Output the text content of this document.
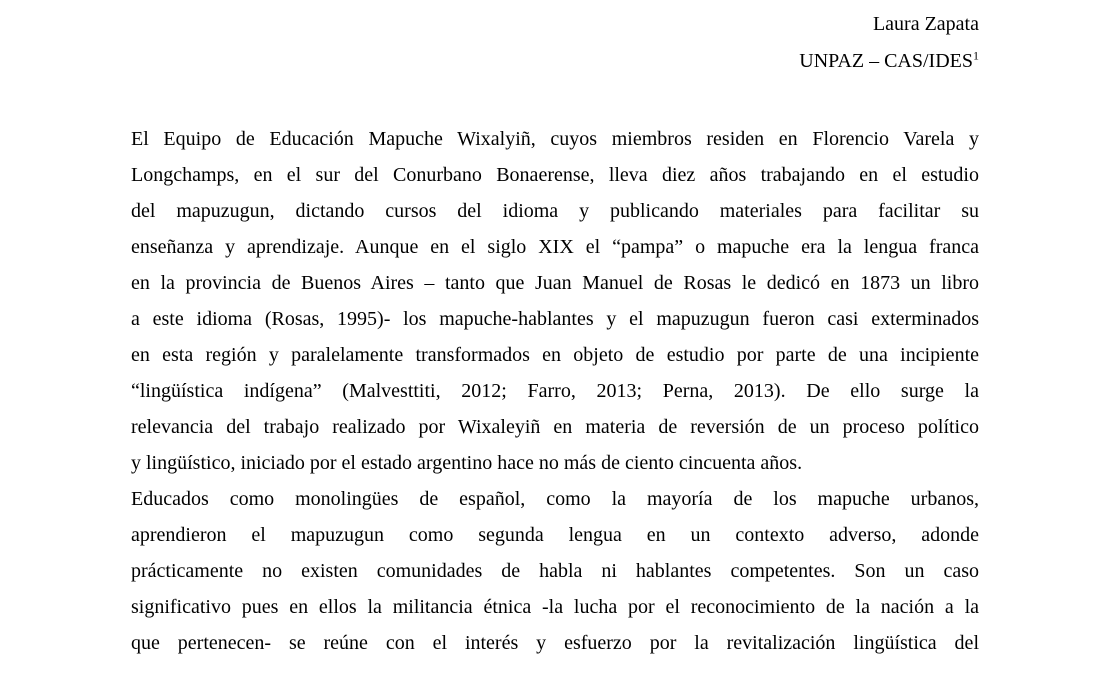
Laura Zapata
UNPAZ – CAS/IDES$^1$
El Equipo de Educación Mapuche Wixalyiñ, cuyos miembros residen en Florencio Varela y
Longchamps, en el sur del Conurbano Bonaerense, lleva diez años trabajando en el estudio
del mapuzugun, dictando cursos del idioma y publicando materiales para facilitar su
enseñanza y aprendizaje. Aunque en el siglo XIX el “pampa” o mapuche era la lengua franca
en la provincia de Buenos Aires – tanto que Juan Manuel de Rosas le dedicó en 1873 un libro
a este idioma (Rosas, 1995)- los mapuche-hablantes y el mapuzugun fueron casi exterminados
en esta región y paralelamente transformados en objeto de estudio por parte de una incipiente
“lingüística indígena” (Malvesttiti, 2012; Farro, 2013; Perna, 2013). De ello surge la
relevancia del trabajo realizado por Wixaleyiñ en materia de reversión de un proceso político
y lingüístico, iniciado por el estado argentino hace no más de ciento cincuenta años.
Educados como monolingües de español, como la mayoría de los mapuche urbanos,
aprendieron el mapuzugun como segunda lengua en un contexto adverso, adonde
prácticamente no existen comunidades de habla ni hablantes competentes. Son un caso
significativo pues en ellos la militancia étnica -la lucha por el reconocimiento de la nación a la
que pertenecen- se reúne con el interés y esfuerzo por la revitalización lingüística del
